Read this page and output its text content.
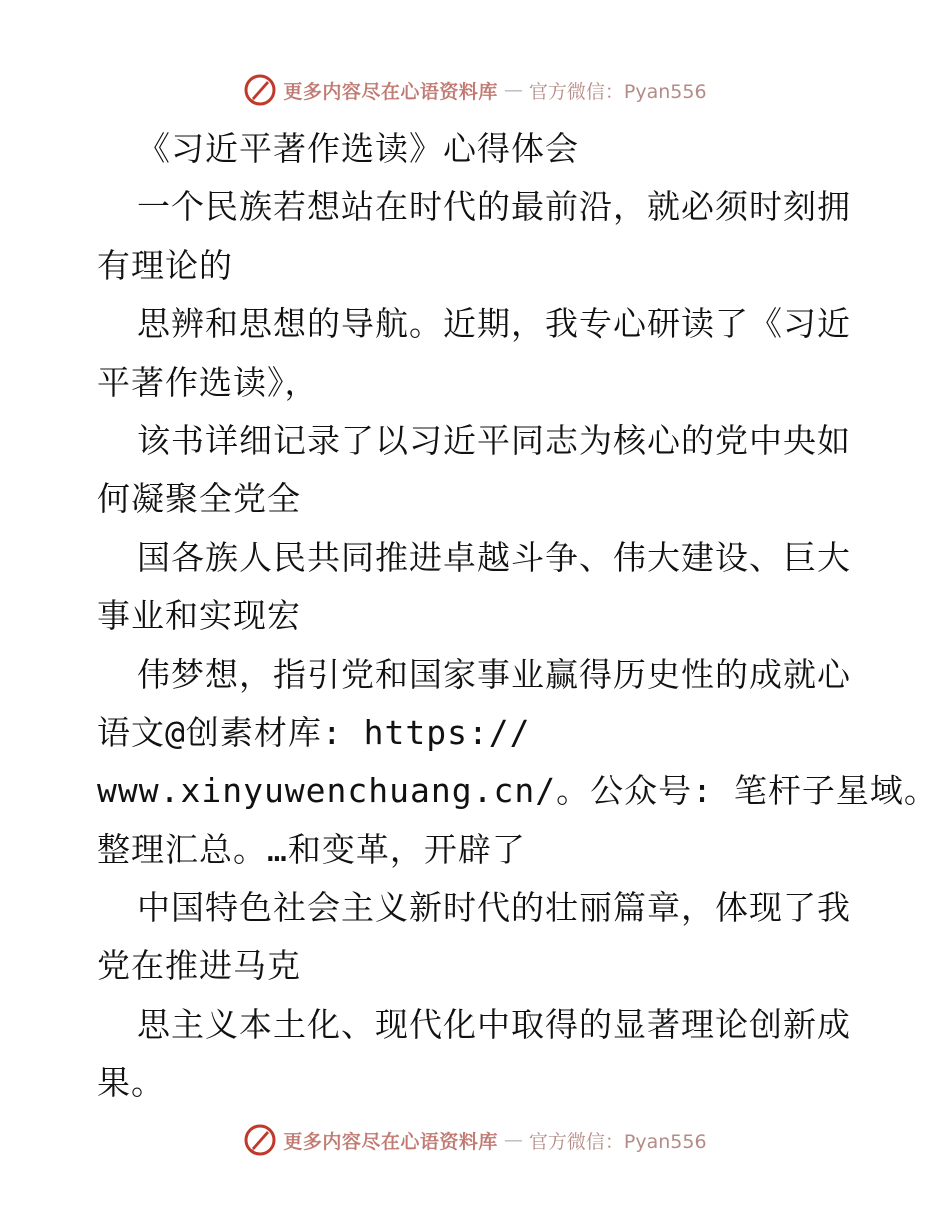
更多内容尽在心语资料库 — 官方微信：Pyan556
《习近平著作选读》心得体会
一个民族若想站在时代的最前沿，就必须时刻拥
有理论的
思辨和思想的导航。近期，我专心研读了《习近
平著作选读》，
该书详细记录了以习近平同志为核心的党中央如
何凝聚全党全
国各族人民共同推进卓越斗争、伟大建设、巨大
事业和实现宏
伟梦想，指引党和国家事业赢得历史性的成就心
语文@创素材库: https://
www.xinyuwenchuang.cn/。公众号: 笔杆子星域。
整理汇总。…和变革，开辟了
中国特色社会主义新时代的壮丽篇章，体现了我
党在推进马克
思主义本土化、现代化中取得的显著理论创新成
果。
更多内容尽在心语资料库 — 官方微信：Pyan556
